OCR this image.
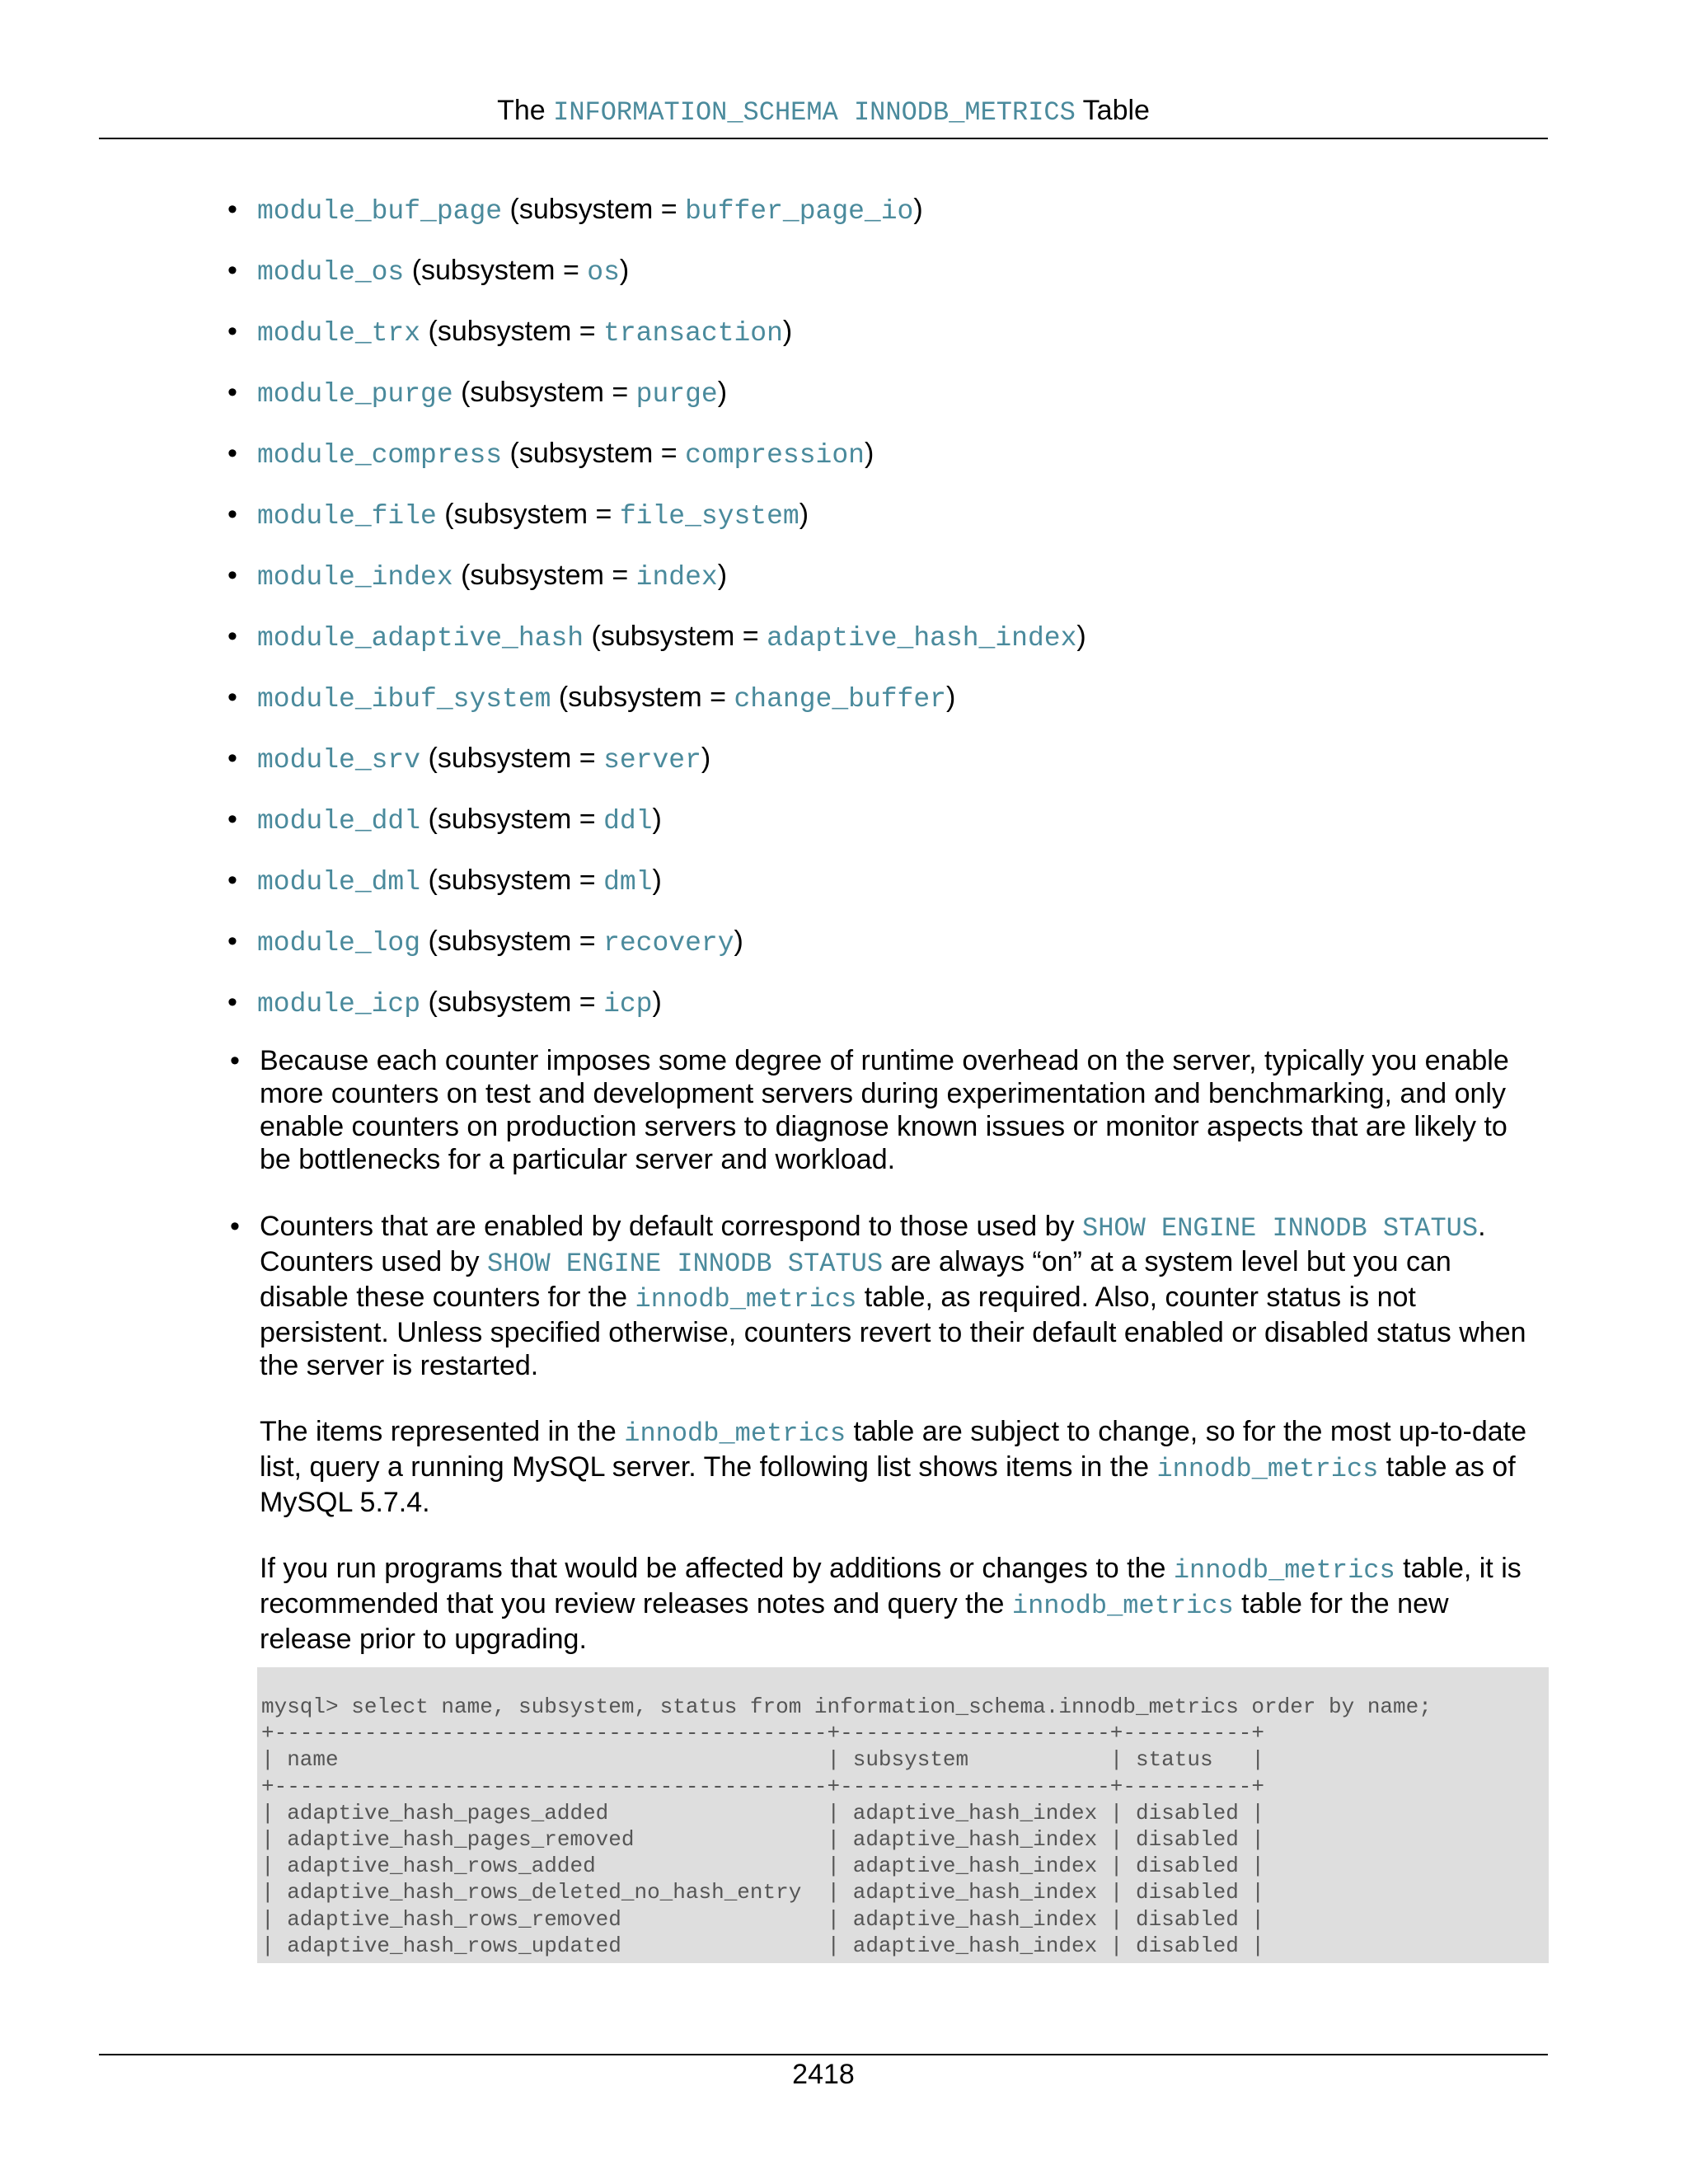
The INFORMATION_SCHEMA INNODB_METRICS Table
• module_buf_page (subsystem = buffer_page_io)
• module_os (subsystem = os)
• module_trx (subsystem = transaction)
• module_purge (subsystem = purge)
• module_compress (subsystem = compression)
• module_file (subsystem = file_system)
• module_index (subsystem = index)
• module_adaptive_hash (subsystem = adaptive_hash_index)
• module_ibuf_system (subsystem = change_buffer)
• module_srv (subsystem = server)
• module_ddl (subsystem = ddl)
• module_dml (subsystem = dml)
• module_log (subsystem = recovery)
• module_icp (subsystem = icp)

• Because each counter imposes some degree of runtime overhead on the server, typically you enable more counters on test and development servers during experimentation and benchmarking, and only enable counters on production servers to diagnose known issues or monitor aspects that are likely to be bottlenecks for a particular server and workload.

• Counters that are enabled by default correspond to those used by SHOW ENGINE INNODB STATUS. Counters used by SHOW ENGINE INNODB STATUS are always “on” at a system level but you can disable these counters for the innodb_metrics table, as required. Also, counter status is not persistent. Unless specified otherwise, counters revert to their default enabled or disabled status when the server is restarted.

The items represented in the innodb_metrics table are subject to change, so for the most up-to-date list, query a running MySQL server. The following list shows items in the innodb_metrics table as of MySQL 5.7.4.

If you run programs that would be affected by additions or changes to the innodb_metrics table, it is recommended that you review releases notes and query the innodb_metrics table for the new release prior to upgrading.

mysql> select name, subsystem, status from information_schema.innodb_metrics order by name;
+-------------------------------------------+---------------------+----------+
| name                                      | subsystem           | status   |
+-------------------------------------------+---------------------+----------+
| adaptive_hash_pages_added                 | adaptive_hash_index | disabled |
| adaptive_hash_pages_removed               | adaptive_hash_index | disabled |
| adaptive_hash_rows_added                  | adaptive_hash_index | disabled |
| adaptive_hash_rows_deleted_no_hash_entry  | adaptive_hash_index | disabled |
| adaptive_hash_rows_removed                | adaptive_hash_index | disabled |
| adaptive_hash_rows_updated                | adaptive_hash_index | disabled |
2418
